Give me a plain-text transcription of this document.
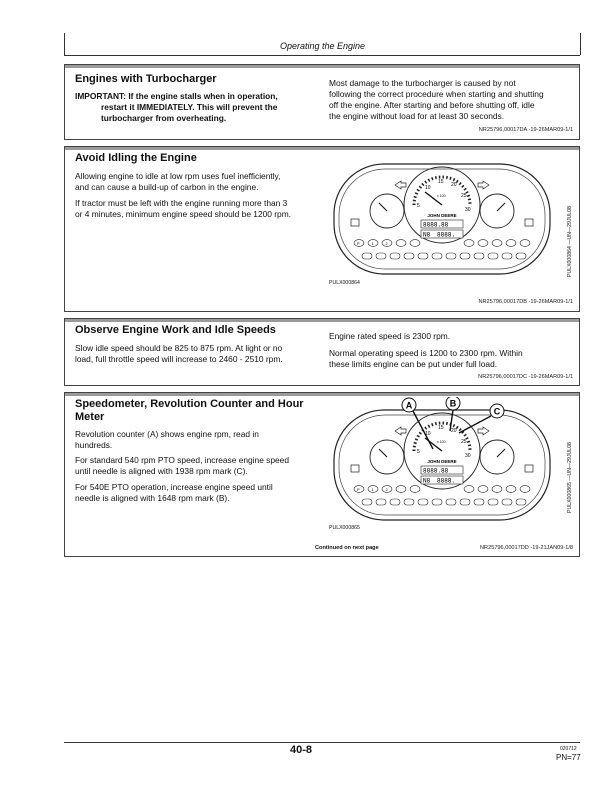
Operating the Engine
Engines with Turbocharger
IMPORTANT: If the engine stalls when in operation,
restart it IMMEDIATELY. This will prevent the
turbocharger from overheating.
Most damage to the turbocharger is caused by not
following the correct procedure when starting and shutting
off the engine. After starting and before shutting off, idle
the engine without load for at least 30 seconds.
NR25796,00017DA -19-26MAR09-1/1
Avoid Idling the Engine
Allowing engine to idle at low rpm uses fuel inefficiently,
and can cause a build-up of carbon in the engine.
If tractor must be left with the engine running more than 3
or 4 minutes, minimum engine speed should be 1200 rpm.
5
10
15 20
25
30
x 100
JOHN DEERE
8888.88
N8 8888.
P	1	2
PULX000864
PULX000864 —UN—29JUL08
NR25796,00017DB -19-26MAR09-1/1
Observe Engine Work and Idle Speeds
Slow idle speed should be 825 to 875 rpm. At light or no
load, full throttle speed will increase to 2460 - 2510 rpm.
Engine rated speed is 2300 rpm.
Normal operating speed is 1200 to 2300 rpm. Within
these limits engine can be put under full load.
NR25796,00017DC -19-26MAR09-1/1
Speedometer, Revolution Counter and Hour
Meter
Revolution counter (A) shows engine rpm, read in
hundreds.
For standard 540 rpm PTO speed, increase engine speed
until needle is aligned with 1938 rpm mark (C).
For 540E PTO operation, increase engine speed until
needle is aligned with 1648 rpm mark (B).
5
10
15 20
25
30
x 100
JOHN DEERE
8888.88
N8 8888.
P	1	2
A	B
C
PULX000865
PULX000865 —UN—29JUL08
Continued on next page	NR25796,00017DD -19-21JAN09-1/8
40-8	020712
PN=77
